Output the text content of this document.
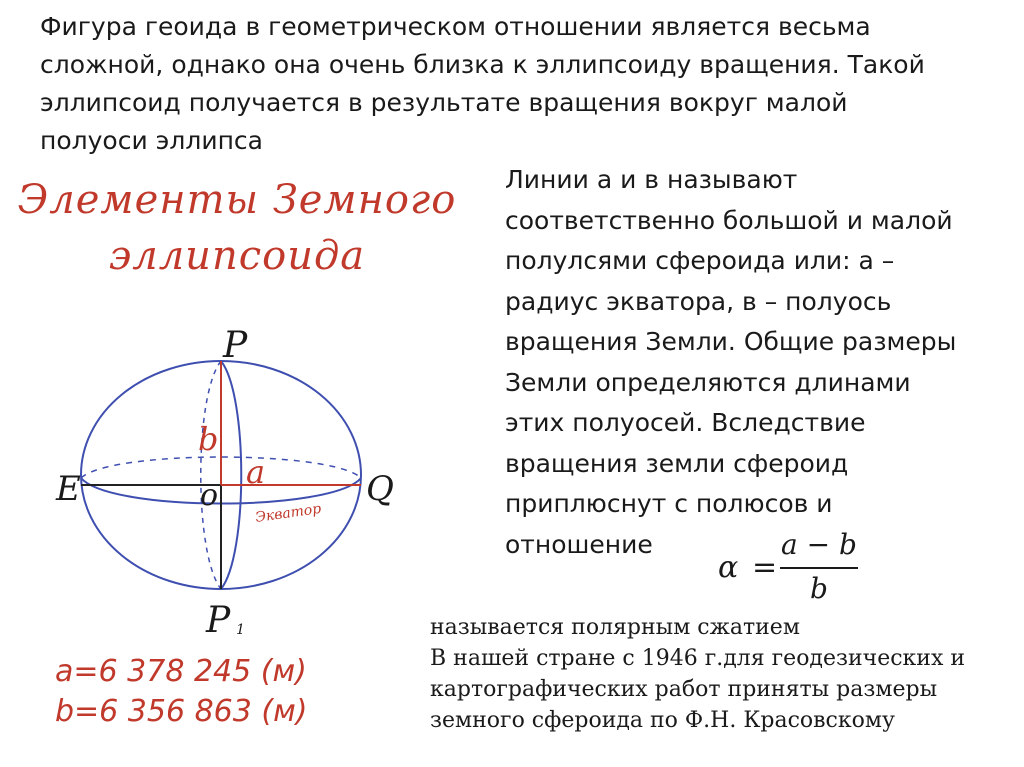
Фигура геоида в геометрическом отношении является весьма
сложной, однако она очень близка к эллипсоиду вращения. Такой
эллипсоид получается в результате вращения вокруг малой
полуоси эллипса
Элементы Земного
эллипсоида
P
P 1
E	Q
o
b
a
Экватор
Линии а и в называют
соответственно большой и малой
полулсями сфероида или: а –
радиус экватора, в – полуось
вращения Земли. Общие размеры
Земли определяются длинами
этих полуосей. Вследствие
вращения земли сфероид
приплюснут с полюсов и
отношение
α =
a − b
b
называется полярным сжатием
В нашей стране с 1946 г.для геодезических и
картографических работ приняты размеры
земного сфероида по Ф.Н. Красовскому
a=6 378 245 (м)
b=6 356 863 (м)
